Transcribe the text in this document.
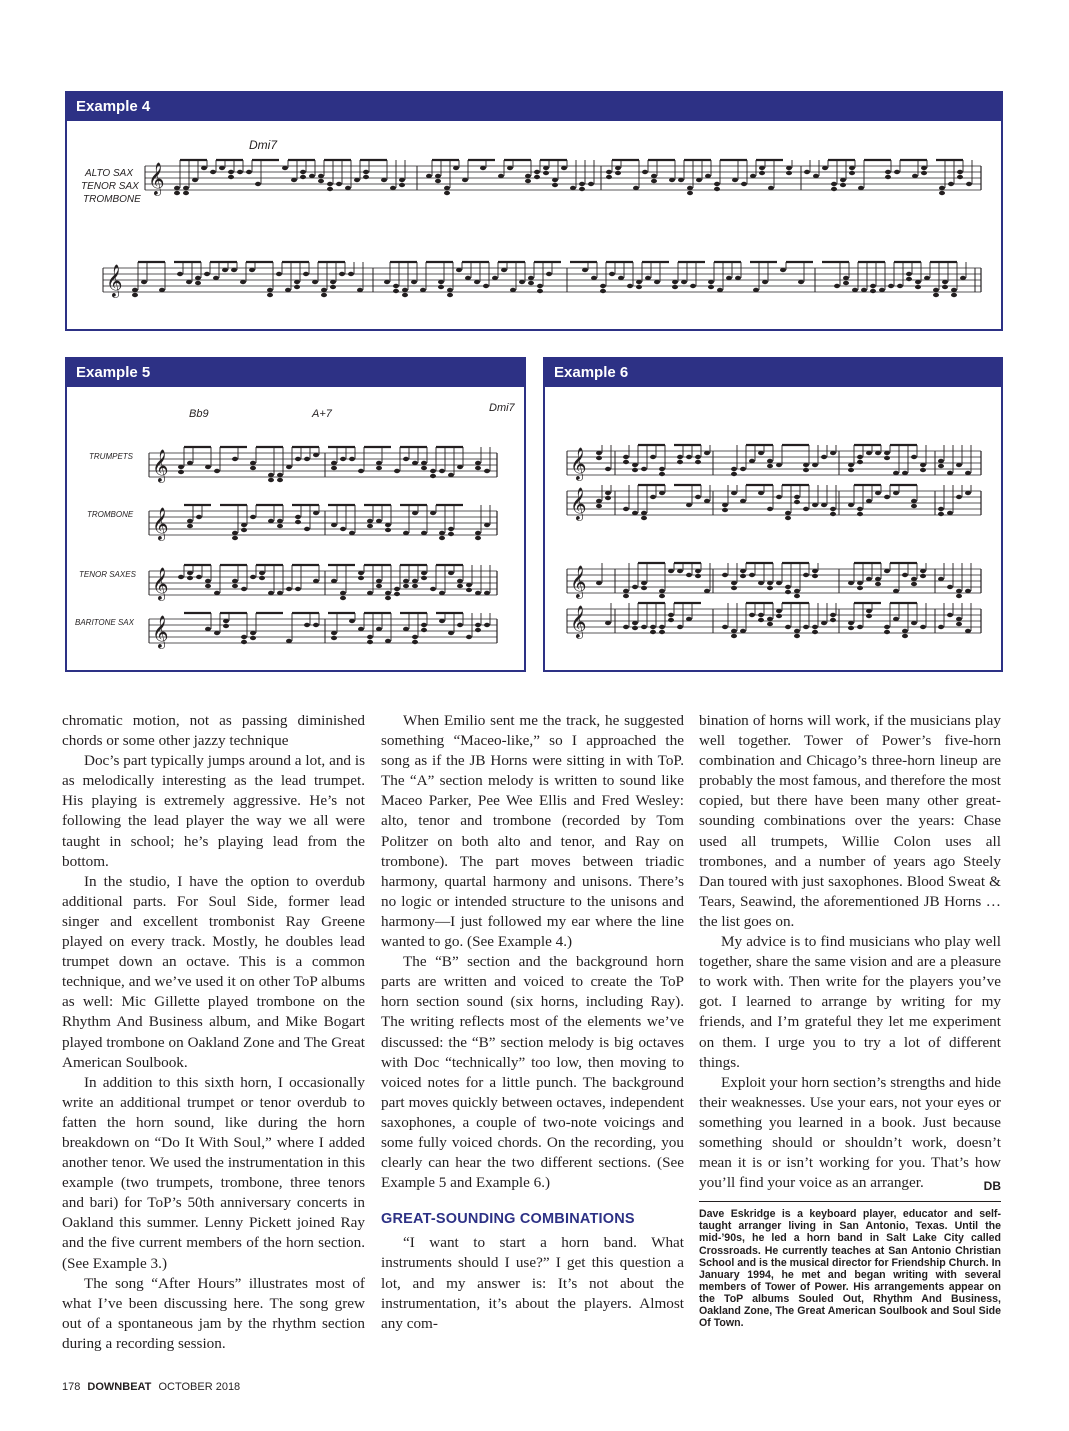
Example 4
Dmi7
ALTO SAX
TENOR SAX
TROMBONE
𝄞
𝄞
Example 5
Bb9	A+7	Dmi7
TRUMPETS
TROMBONE
TENOR SAXES
BARITONE SAX
𝄞
𝄞
𝄞
𝄞
Example 6
𝄞
𝄞
𝄞
𝄞

chromatic motion, not as passing diminished chords or some other jazzy technique

Doc’s part typically jumps around a lot, and is as melodically interesting as the lead trumpet. His playing is extremely aggressive. He’s not following the lead player the way we all were taught in school; he’s playing lead from the bottom.

In the studio, I have the option to overdub additional parts. For Soul Side, former lead singer and excellent trombonist Ray Greene played on every track. Mostly, he doubles lead trumpet down an octave. This is a common technique, and we’ve used it on other ToP albums as well: Mic Gillette played trombone on the Rhythm And Business album, and Mike Bogart played trombone on Oakland Zone and The Great American Soulbook.

In addition to this sixth horn, I occasionally write an additional trumpet or tenor overdub to fatten the horn sound, like during the horn breakdown on “Do It With Soul,” where I added another tenor. We used the instrumentation in this example (two trumpets, trombone, three tenors and bari) for ToP’s 50th anniversary concerts in Oakland this summer. Lenny Pickett joined Ray and the five current members of the horn section. (See Example 3.)

The song “After Hours” illustrates most of what I’ve been discussing here. The song grew out of a spontaneous jam by the rhythm section during a recording session.

When Emilio sent me the track, he suggested something “Maceo-like,” so I approached the song as if the JB Horns were sitting in with ToP. The “A” section melody is written to sound like Maceo Parker, Pee Wee Ellis and Fred Wesley: alto, tenor and trombone (recorded by Tom Politzer on both alto and tenor, and Ray on trombone). The part moves between triadic harmony, quartal harmony and unisons. There’s no logic or intended structure to the unisons and harmony—I just followed my ear where the line wanted to go. (See Example 4.)

The “B” section and the background horn parts are written and voiced to create the ToP horn section sound (six horns, including Ray). The writing reflects most of the elements we’ve discussed: the “B” section melody is big octaves with Doc “technically” too low, then moving to voiced notes for a little punch. The background part moves quickly between octaves, independent saxophones, a couple of two-note voicings and some fully voiced chords. On the recording, you clearly can hear the two different sections. (See Example 5 and Example 6.)

GREAT-SOUNDING COMBINATIONS

“I want to start a horn band. What instruments should I use?” I get this question a lot, and my answer is: It’s not about the instrumentation, it’s about the players. Almost any com-

bination of horns will work, if the musicians play well together. Tower of Power’s five-horn combination and Chicago’s three-horn lineup are probably the most famous, and therefore the most copied, but there have been many other great-sounding combinations over the years: Chase used all trumpets, Willie Colon uses all trombones, and a number of years ago Steely Dan toured with just saxophones. Blood Sweat & Tears, Seawind, the aforementioned JB Horns … the list goes on.

My advice is to find musicians who play well together, share the same vision and are a pleasure to work with. Then write for the players you’ve got. I learned to arrange by writing for my friends, and I’m grateful they let me experiment on them. I urge you to try a lot of different things.

Exploit your horn section’s strengths and hide their weaknesses. Use your ears, not your eyes or something you learned in a book. Just because something should or shouldn’t work, doesn’t mean it is or isn’t working for you. That’s how you’ll find your voice as an arranger.	DB

Dave Eskridge is a keyboard player, educator and self-taught arranger living in San Antonio, Texas. Until the mid-’90s, he led a horn band in Salt Lake City called Crossroads. He currently teaches at San Antonio Christian School and is the musical director for Friendship Church. In January 1994, he met and began writing with several members of Tower of Power. His arrangements appear on the ToP albums Souled Out, Rhythm And Business, Oakland Zone, The Great American Soulbook and Soul Side Of Town.
178 DOWNBEAT OCTOBER 2018
